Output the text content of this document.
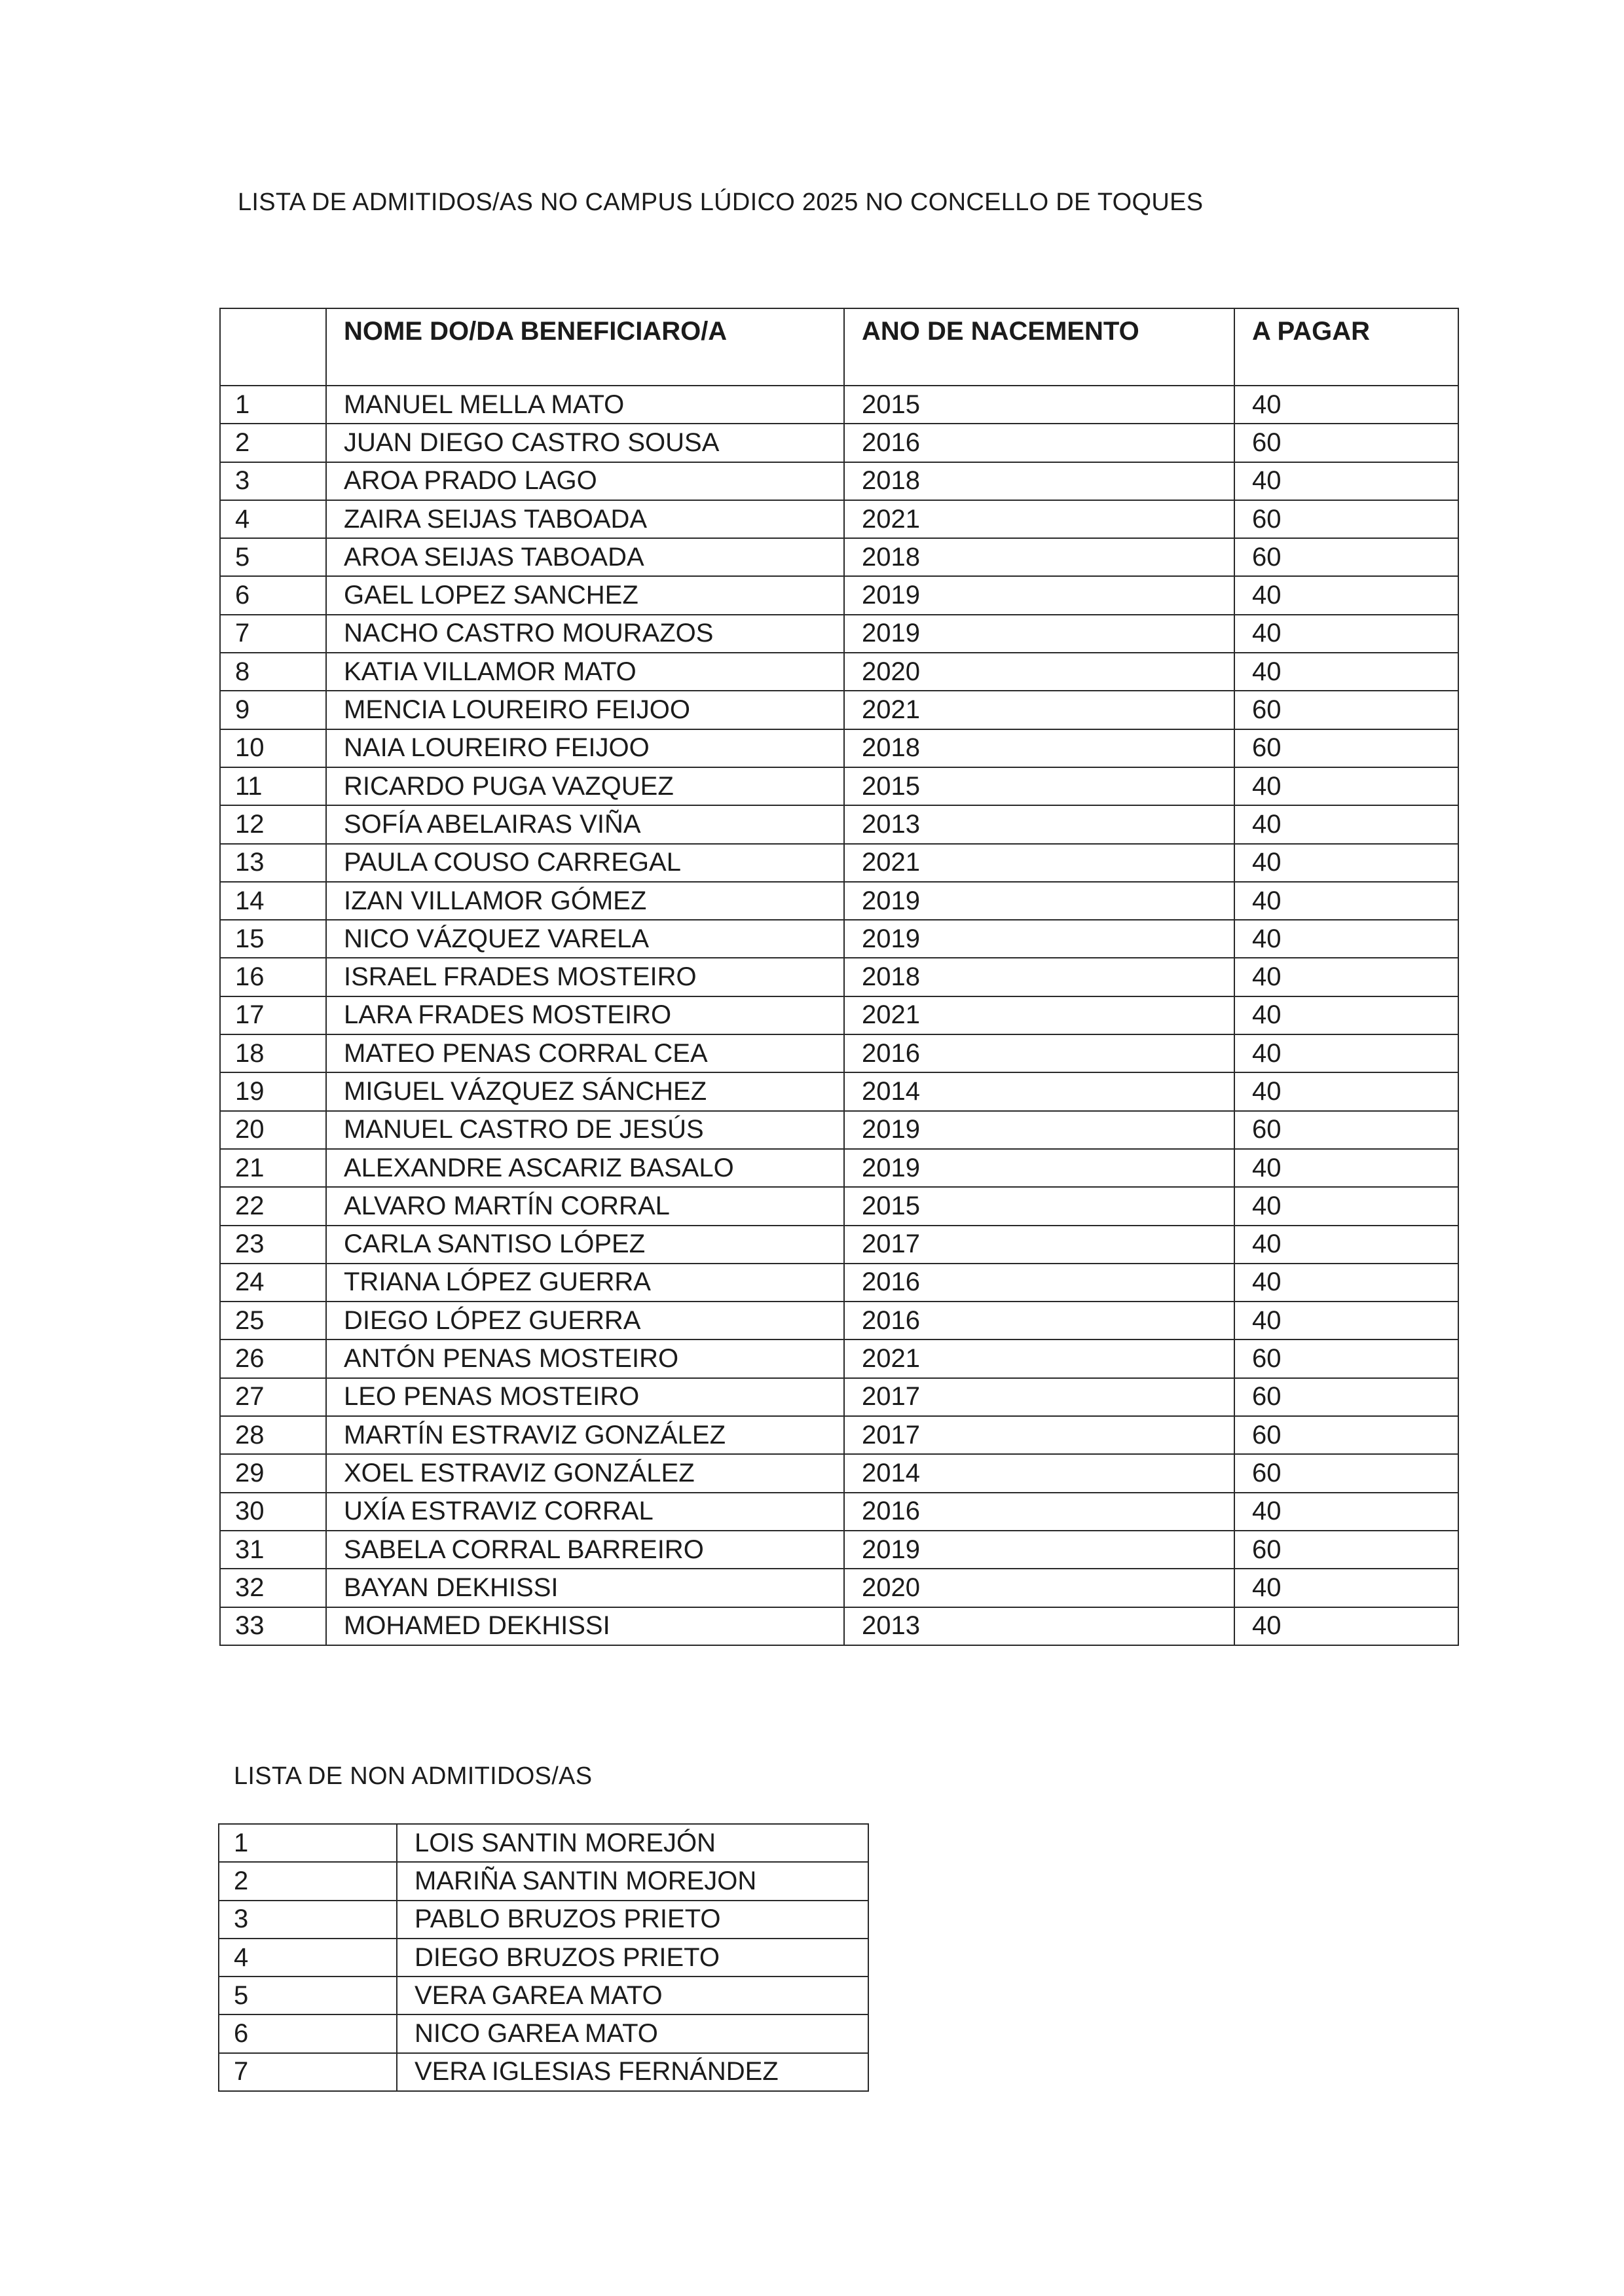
LISTA DE ADMITIDOS/AS NO CAMPUS LÚDICO 2025 NO CONCELLO DE TOQUES
	NOME DO/DA BENEFICIARO/A	ANO DE NACEMENTO	A PAGAR
1	MANUEL MELLA MATO	2015	40
2	JUAN DIEGO CASTRO SOUSA	2016	60
3	AROA PRADO LAGO	2018	40
4	ZAIRA SEIJAS TABOADA	2021	60
5	AROA SEIJAS TABOADA	2018	60
6	GAEL LOPEZ SANCHEZ	2019	40
7	NACHO CASTRO MOURAZOS	2019	40
8	KATIA VILLAMOR MATO	2020	40
9	MENCIA LOUREIRO FEIJOO	2021	60
10	NAIA LOUREIRO FEIJOO	2018	60
11	RICARDO PUGA VAZQUEZ	2015	40
12	SOFÍA ABELAIRAS VIÑA	2013	40
13	PAULA COUSO CARREGAL	2021	40
14	IZAN VILLAMOR GÓMEZ	2019	40
15	NICO VÁZQUEZ VARELA	2019	40
16	ISRAEL FRADES MOSTEIRO	2018	40
17	LARA FRADES MOSTEIRO	2021	40
18	MATEO PENAS CORRAL CEA	2016	40
19	MIGUEL VÁZQUEZ SÁNCHEZ	2014	40
20	MANUEL CASTRO DE JESÚS	2019	60
21	ALEXANDRE ASCARIZ BASALO	2019	40
22	ALVARO MARTÍN CORRAL	2015	40
23	CARLA SANTISO LÓPEZ	2017	40
24	TRIANA LÓPEZ GUERRA	2016	40
25	DIEGO LÓPEZ GUERRA	2016	40
26	ANTÓN PENAS MOSTEIRO	2021	60
27	LEO PENAS MOSTEIRO	2017	60
28	MARTÍN ESTRAVIZ GONZÁLEZ	2017	60
29	XOEL ESTRAVIZ GONZÁLEZ	2014	60
30	UXÍA ESTRAVIZ CORRAL	2016	40
31	SABELA CORRAL BARREIRO	2019	60
32	BAYAN DEKHISSI	2020	40
33	MOHAMED DEKHISSI	2013	40
LISTA DE NON ADMITIDOS/AS
1	LOIS SANTIN MOREJÓN
2	MARIÑA SANTIN MOREJON
3	PABLO BRUZOS PRIETO
4	DIEGO BRUZOS PRIETO
5	VERA GAREA MATO
6	NICO GAREA MATO
7	VERA IGLESIAS FERNÁNDEZ
